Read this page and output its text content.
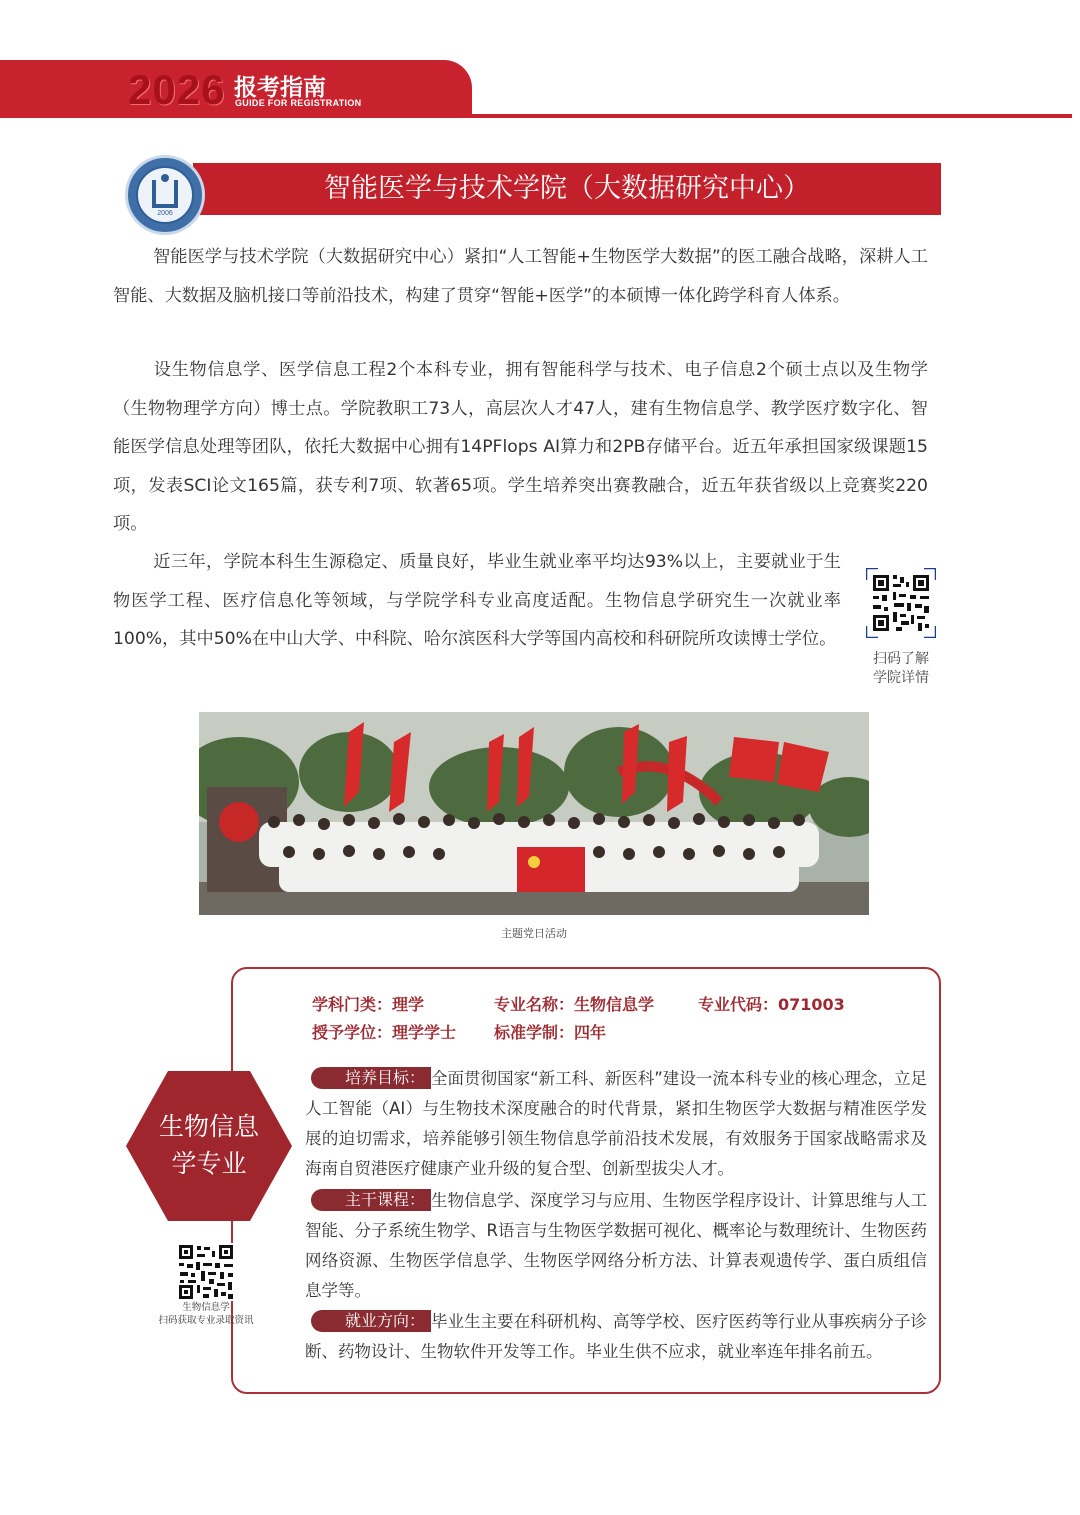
2026 报考指南
GUIDE FOR REGISTRATION
智能医学与技术学院（大数据研究中心）
2006

智能医学与技术学院（大数据研究中心）紧扣“人工智能+生物医学大数据”的医工融合战略，深耕人工智能、大数据及脑机接口等前沿技术，构建了贯穿“智能+医学”的本硕博一体化跨学科育人体系。

设生物信息学、医学信息工程2个本科专业，拥有智能科学与技术、电子信息2个硕士点以及生物学（生物物理学方向）博士点。学院教职工73人，高层次人才47人，建有生物信息学、教学医疗数字化、智能医学信息处理等团队，依托大数据中心拥有14PFlops AI算力和2PB存储平台。近五年承担国家级课题15项，发表SCI论文165篇，获专利7项、软著65项。学生培养突出赛教融合，近五年获省级以上竞赛奖220项。

近三年，学院本科生生源稳定、质量良好，毕业生就业率平均达93%以上，主要就业于生物医学工程、医疗信息化等领域，与学院学科专业高度适配。生物信息学研究生一次就业率100%，其中50%在中山大学、中科院、哈尔滨医科大学等国内高校和科研院所攻读博士学位。

扫码了解
学院详情
主题党日活动
学科门类：理学	专业名称：生物信息学	专业代码：071003
授予学位：理学学士 标准学制：四年
生物信息
学专业
生物信息学
扫码获取专业录取资讯

培养目标： 全面贯彻国家“新工科、新医科”建设一流本科专业的核心理念，立足人工智能（AI）与生物技术深度融合的时代背景，紧扣生物医学大数据与精准医学发展的迫切需求，培养能够引领生物信息学前沿技术发展，有效服务于国家战略需求及海南自贸港医疗健康产业升级的复合型、创新型拔尖人才。

主干课程： 生物信息学、深度学习与应用、生物医学程序设计、计算思维与人工智能、分子系统生物学、R语言与生物医学数据可视化、概率论与数理统计、生物医药网络资源、生物医学信息学、生物医学网络分析方法、计算表观遗传学、蛋白质组信息学等。

就业方向： 毕业生主要在科研机构、高等学校、医疗医药等行业从事疾病分子诊断、药物设计、生物软件开发等工作。毕业生供不应求，就业率连年排名前五。
